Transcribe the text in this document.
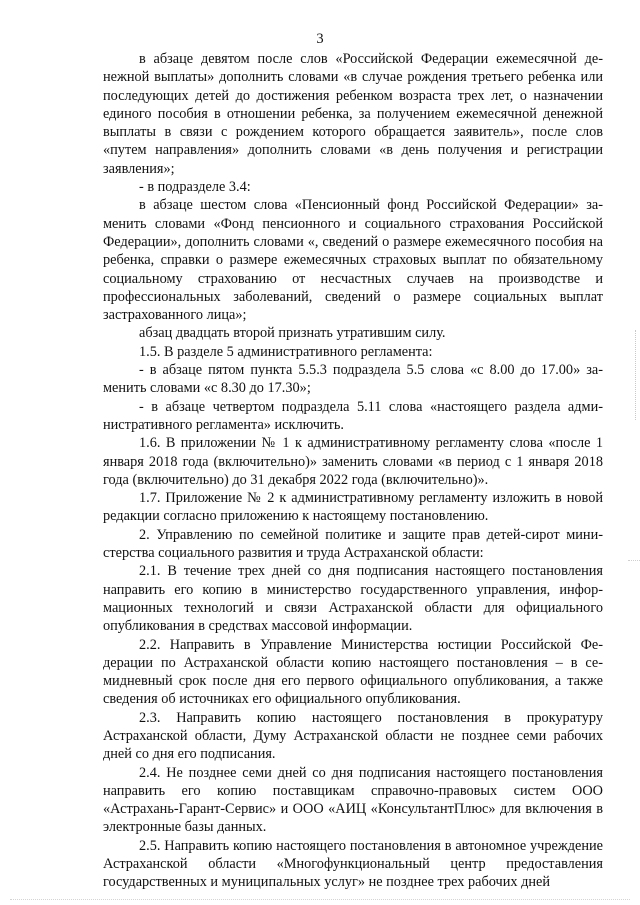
3

в абзаце девятом после слов «Российской Федерации ежемесячной денежной выплаты» дополнить словами «в случае рождения третьего ребенка или последующих детей до достижения ребенком возраста трех лет, о назначении единого пособия в отношении ребенка, за получением ежемесячной денежной выплаты в связи с рождением которого обращается заявитель», после слов «путем направления» дополнить словами «в день получения и регистрации заявления»;

- в подразделе 3.4:

в абзаце шестом слова «Пенсионный фонд Российской Федерации» заменить словами «Фонд пенсионного и социального страхования Российской Федерации», дополнить словами «, сведений о размере ежемесячного пособия на ребенка, справки о размере ежемесячных страховых выплат по обязательному социальному страхованию от несчастных случаев на производстве и профессиональных заболеваний, сведений о размере социальных выплат застрахованного лица»;

абзац двадцать второй признать утратившим силу.

1.5. В разделе 5 административного регламента:

- в абзаце пятом пункта 5.5.3 подраздела 5.5 слова «с 8.00 до 17.00» заменить словами «с 8.30 до 17.30»;

- в абзаце четвертом подраздела 5.11 слова «настоящего раздела административного регламента» исключить.

1.6. В приложении № 1 к административному регламенту слова «после 1 января 2018 года (включительно)» заменить словами «в период с 1 января 2018 года (включительно) до 31 декабря 2022 года (включительно)».

1.7. Приложение № 2 к административному регламенту изложить в новой редакции согласно приложению к настоящему постановлению.

2. Управлению по семейной политике и защите прав детей-сирот министерства социального развития и труда Астраханской области:

2.1. В течение трех дней со дня подписания настоящего постановления направить его копию в министерство государственного управления, информационных технологий и связи Астраханской области для официального опубликования в средствах массовой информации.

2.2. Направить в Управление Министерства юстиции Российской Федерации по Астраханской области копию настоящего постановления – в семидневный срок после дня его первого официального опубликования, а также сведения об источниках его официального опубликования.

2.3. Направить копию настоящего постановления в прокуратуру Астраханской области, Думу Астраханской области не позднее семи рабочих дней со дня его подписания.

2.4. Не позднее семи дней со дня подписания настоящего постановления направить его копию поставщикам справочно-правовых систем ООО «Астрахань-Гарант-Сервис» и ООО «АИЦ «КонсультантПлюс» для включения в электронные базы данных.

2.5. Направить копию настоящего постановления в автономное учреждение Астраханской области «Многофункциональный центр предоставления государственных и муниципальных услуг» не позднее трех рабочих дней
